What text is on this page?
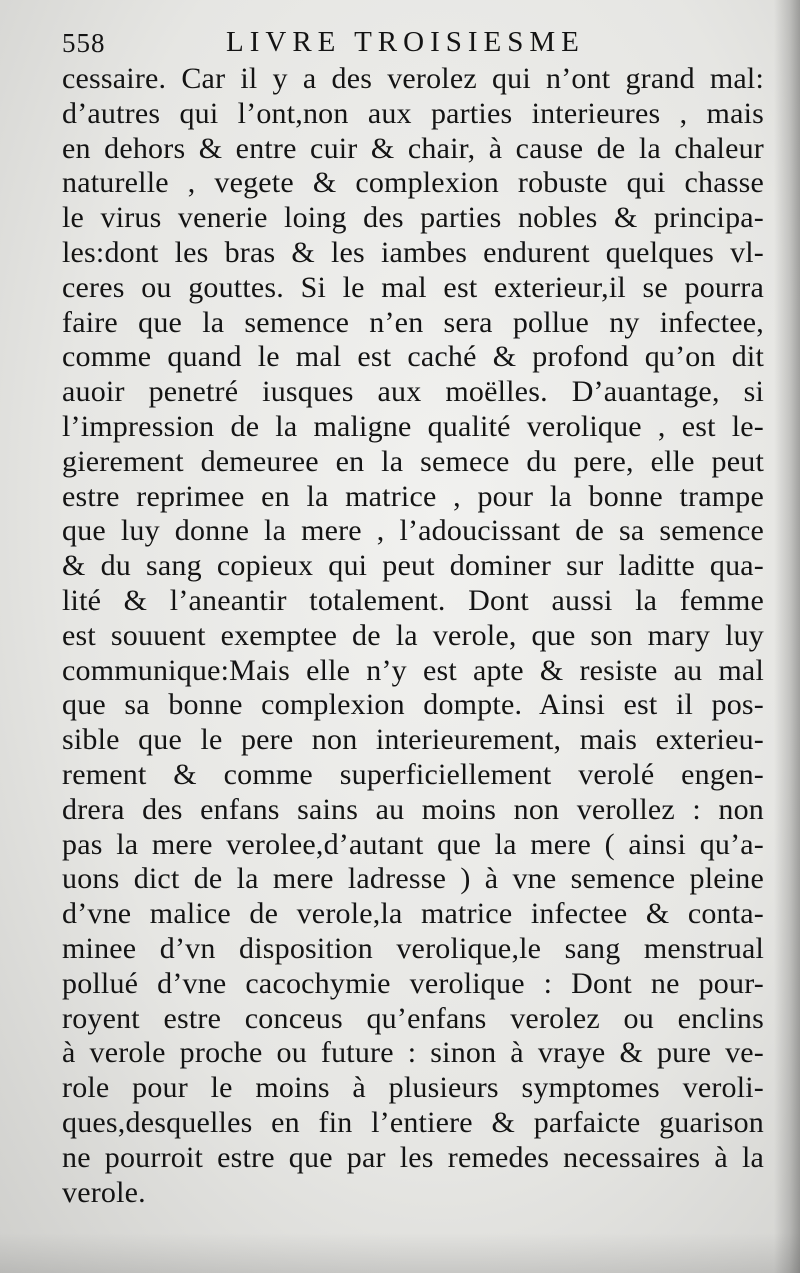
558	LIVRE TROISIESME
cessaire. Car il y a des verolez qui n’ont grand mal:
d’autres qui l’ont,non aux parties interieures , mais
en dehors & entre cuir & chair, à cause de la chaleur
naturelle , vegete & complexion robuste qui chasse
le virus venerie loing des parties nobles & principa-
les:dont les bras & les iambes endurent quelques vl-
ceres ou gouttes. Si le mal est exterieur,il se pourra
faire que la semence n’en sera pollue ny infectee,
comme quand le mal est caché & profond qu’on dit
auoir penetré iusques aux moëlles. D’auantage, si
l’impression de la maligne qualité verolique , est le-
gierement demeuree en la semece du pere, elle peut
estre reprimee en la matrice , pour la bonne trampe
que luy donne la mere , l’adoucissant de sa semence
& du sang copieux qui peut dominer sur laditte qua-
lité & l’aneantir totalement. Dont aussi la femme
est souuent exemptee de la verole, que son mary luy
communique:Mais elle n’y est apte & resiste au mal
que sa bonne complexion dompte. Ainsi est il pos-
sible que le pere non interieurement, mais exterieu-
rement & comme superficiellement verolé engen-
drera des enfans sains au moins non verollez : non
pas la mere verolee,d’autant que la mere ( ainsi qu’a-
uons dict de la mere ladresse ) à vne semence pleine
d’vne malice de verole,la matrice infectee & conta-
minee d’vn disposition verolique,le sang menstrual
pollué d’vne cacochymie verolique : Dont ne pour-
royent estre conceus qu’enfans verolez ou enclins
à verole proche ou future : sinon à vraye & pure ve-
role pour le moins à plusieurs symptomes veroli-
ques,desquelles en fin l’entiere & parfaicte guarison
ne pourroit estre que par les remedes necessaires à la
verole.
